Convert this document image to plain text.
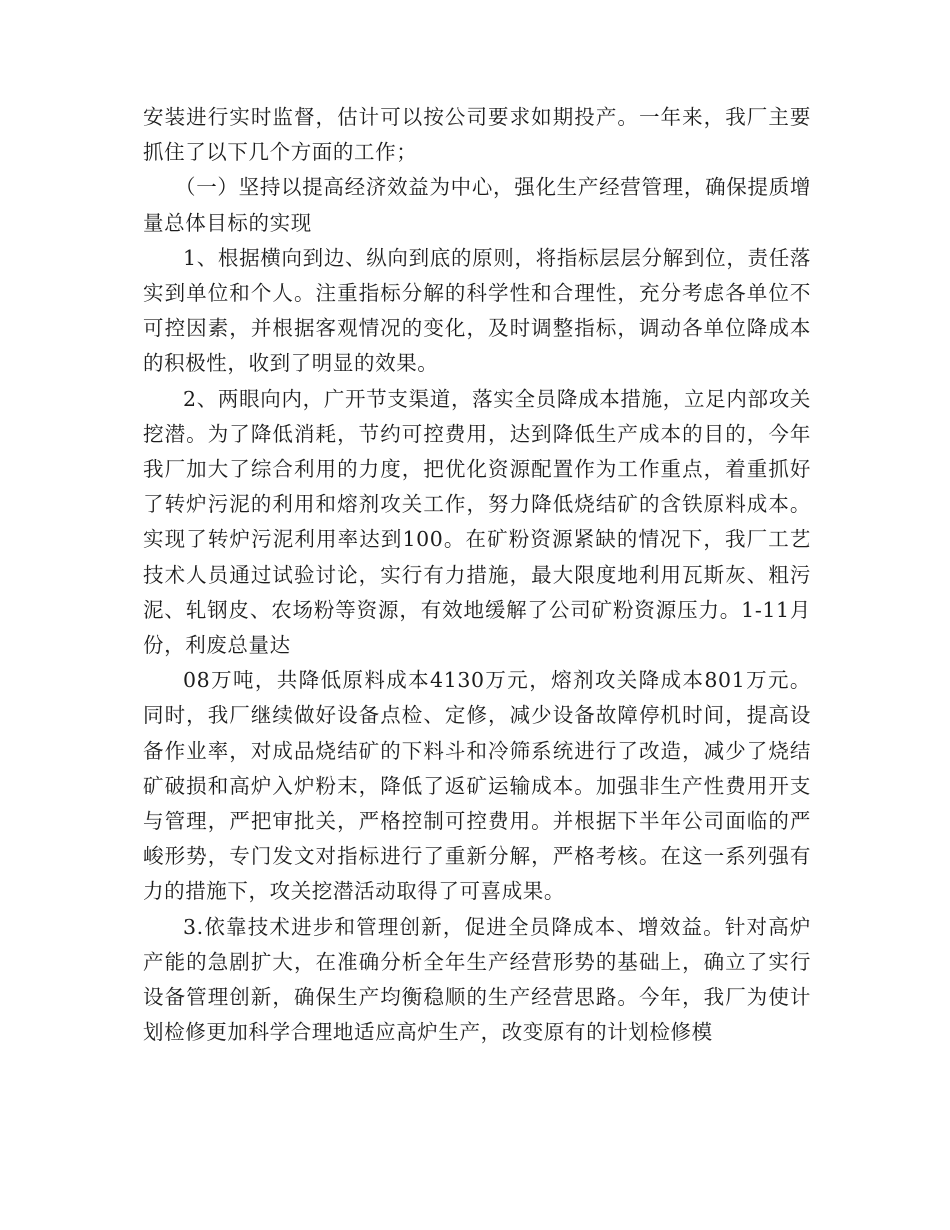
安装进行实时监督，估计可以按公司要求如期投产。一年来，我厂主要抓住了以下几个方面的工作；

（一）坚持以提高经济效益为中心，强化生产经营管理，确保提质增量总体目标的实现

1、根据横向到边、纵向到底的原则，将指标层层分解到位，责任落实到单位和个人。注重指标分解的科学性和合理性，充分考虑各单位不可控因素，并根据客观情况的变化，及时调整指标，调动各单位降成本的积极性，收到了明显的效果。

2、两眼向内，广开节支渠道，落实全员降成本措施，立足内部攻关挖潜。为了降低消耗，节约可控费用，达到降低生产成本的目的，今年我厂加大了综合利用的力度，把优化资源配置作为工作重点，着重抓好了转炉污泥的利用和熔剂攻关工作，努力降低烧结矿的含铁原料成本。实现了转炉污泥利用率达到100。在矿粉资源紧缺的情况下，我厂工艺技术人员通过试验讨论，实行有力措施，最大限度地利用瓦斯灰、粗污泥、轧钢皮、农场粉等资源，有效地缓解了公司矿粉资源压力。1-11月份，利废总量达

08万吨，共降低原料成本4130万元，熔剂攻关降成本801万元。同时，我厂继续做好设备点检、定修，减少设备故障停机时间，提高设备作业率，对成品烧结矿的下料斗和冷筛系统进行了改造，减少了烧结矿破损和高炉入炉粉末，降低了返矿运输成本。加强非生产性费用开支与管理，严把审批关，严格控制可控费用。并根据下半年公司面临的严峻形势，专门发文对指标进行了重新分解，严格考核。在这一系列强有力的措施下，攻关挖潜活动取得了可喜成果。

3.依靠技术进步和管理创新，促进全员降成本、增效益。针对高炉产能的急剧扩大，在准确分析全年生产经营形势的基础上，确立了实行设备管理创新，确保生产均衡稳顺的生产经营思路。今年，我厂为使计划检修更加科学合理地适应高炉生产，改变原有的计划检修模
